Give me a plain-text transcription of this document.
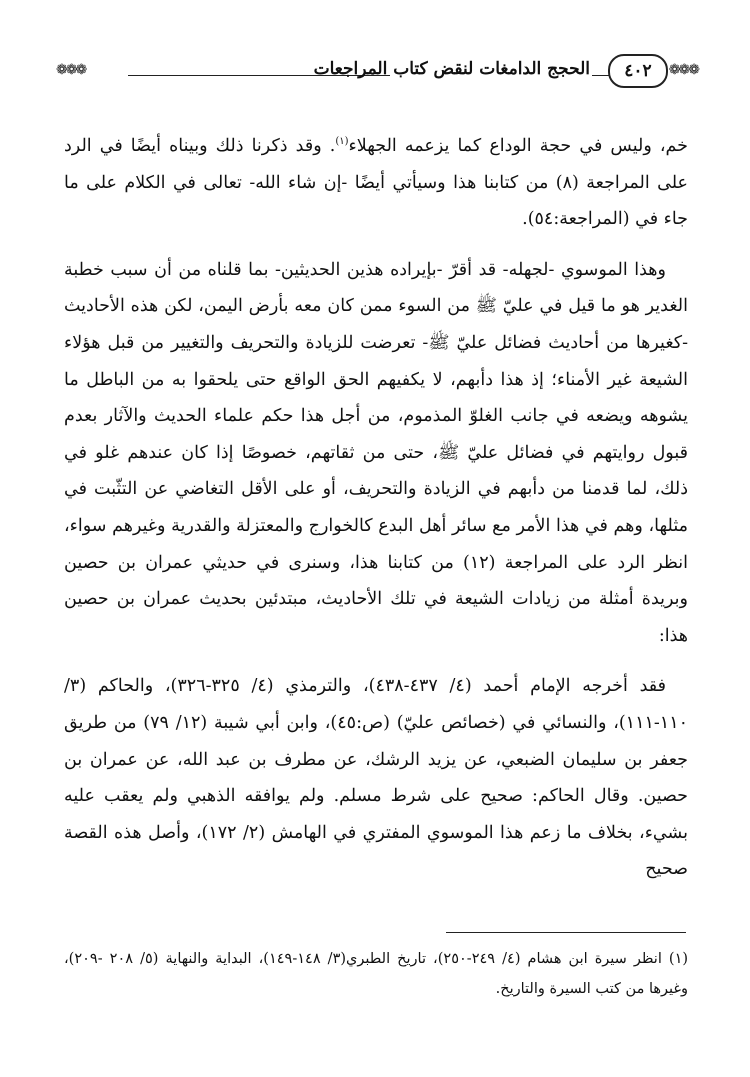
❁❁❁
٤٠٢
الحجج الدامغات لنقض كتاب المراجعات
❁❁❁

خم، وليس في حجة الوداع كما يزعمه الجهلاء$^{(١)}$. وقد ذكرنا ذلك وبيناه أيضًا في الرد على المراجعة (٨) من كتابنا هذا وسيأتي أيضًا -إن شاء الله- تعالى في الكلام على ما جاء في (المراجعة:٥٤).

وهذا الموسوي -لجهله- قد أقرّ -بإيراده هذين الحديثين- بما قلناه من أن سبب خطبة الغدير هو ما قيل في عليّ ﷺ من السوء ممن كان معه بأرض اليمن، لكن هذه الأحاديث -كغيرها من أحاديث فضائل عليّ ﷺ- تعرضت للزيادة والتحريف والتغيير من قبل هؤلاء الشيعة غير الأمناء؛ إذ هذا دأبهم، لا يكفيهم الحق الواقع حتى يلحقوا به من الباطل ما يشوهه ويضعه في جانب الغلوّ المذموم، من أجل هذا حكم علماء الحديث والآثار بعدم قبول روايتهم في فضائل عليّ ﷺ، حتى من ثقاتهم، خصوصًا إذا كان عندهم غلو في ذلك، لما قدمنا من دأبهم في الزيادة والتحريف، أو على الأقل التغاضي عن التثّبت في مثلها، وهم في هذا الأمر مع سائر أهل البدع كالخوارج والمعتزلة والقدرية وغيرهم سواء، انظر الرد على المراجعة (١٢) من كتابنا هذا، وسنرى في حديثي عمران بن حصين وبريدة أمثلة من زيادات الشيعة في تلك الأحاديث، مبتدئين بحديث عمران بن حصين هذا:

فقد أخرجه الإمام أحمد (٤/ ٤٣٧-٤٣٨)، والترمذي (٤/ ٣٢٥-٣٢٦)، والحاكم (٣/ ١١٠-١١١)، والنسائي في (خصائص عليّ) (ص:٤٥)، وابن أبي شيبة (١٢/ ٧٩) من طريق جعفر بن سليمان الضبعي، عن يزيد الرشك، عن مطرف بن عبد الله، عن عمران بن حصين. وقال الحاكم: صحيح على شرط مسلم. ولم يوافقه الذهبي ولم يعقب عليه بشيء، بخلاف ما زعم هذا الموسوي المفتري في الهامش (٢/ ١٧٢)، وأصل هذه القصة صحيح

(١) انظر سيرة ابن هشام (٤/ ٢٤٩-٢٥٠)، تاريخ الطبري(٣/ ١٤٨-١٤٩)، البداية والنهاية (٥/ ٢٠٨ -٢٠٩)، وغيرها من كتب السيرة والتاريخ.
